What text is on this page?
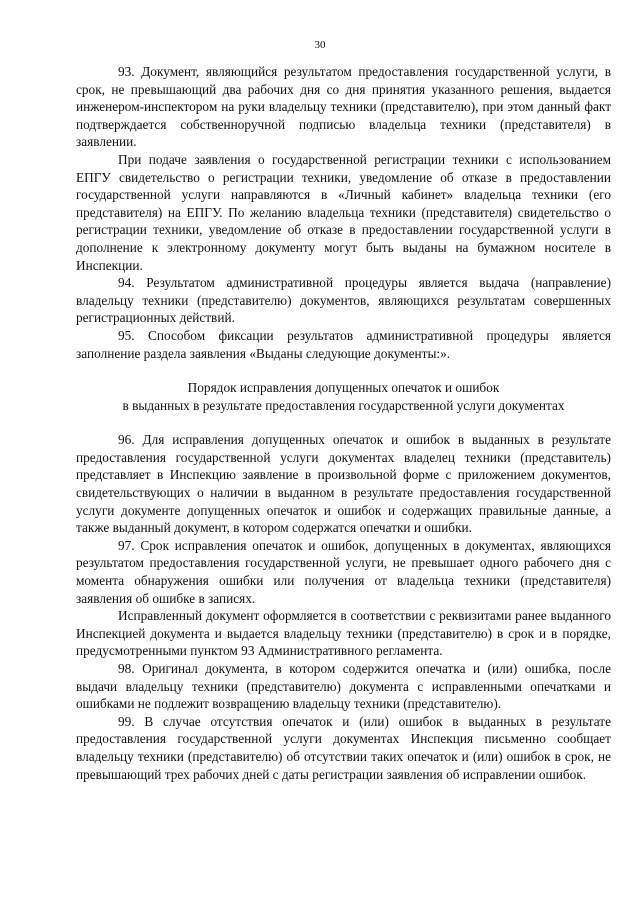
30

93. Документ, являющийся результатом предоставления государственной услуги, в срок, не превышающий два рабочих дня со дня принятия указанного решения, выдается инженером-инспектором на руки владельцу техники (представителю), при этом данный факт подтверждается собственноручной подписью владельца техники (представителя) в заявлении.

При подаче заявления о государственной регистрации техники с использованием ЕПГУ свидетельство о регистрации техники, уведомление об отказе в предоставлении государственной услуги направляются в «Личный кабинет» владельца техники (его представителя) на ЕПГУ. По желанию владельца техники (представителя) свидетельство о регистрации техники, уведомление об отказе в предоставлении государственной услуги в дополнение к электронному документу могут быть выданы на бумажном носителе в Инспекции.

94. Результатом административной процедуры является выдача (направление) владельцу техники (представителю) документов, являющихся результатам совершенных регистрационных действий.

95. Способом фиксации результатов административной процедуры является заполнение раздела заявления «Выданы следующие документы:».

Порядок исправления допущенных опечаток и ошибок

в выданных в результате предоставления государственной услуги документах

96. Для исправления допущенных опечаток и ошибок в выданных в результате предоставления государственной услуги документах владелец техники (представитель) представляет в Инспекцию заявление в произвольной форме с приложением документов, свидетельствующих о наличии в выданном в результате предоставления государственной услуги документе допущенных опечаток и ошибок и содержащих правильные данные, а также выданный документ, в котором содержатся опечатки и ошибки.

97. Срок исправления опечаток и ошибок, допущенных в документах, являющихся результатом предоставления государственной услуги, не превышает одного рабочего дня с момента обнаружения ошибки или получения от владельца техники (представителя) заявления об ошибке в записях.

Исправленный документ оформляется в соответствии с реквизитами ранее выданного Инспекцией документа и выдается владельцу техники (представителю) в срок и в порядке, предусмотренными пунктом 93 Административного регламента.

98. Оригинал документа, в котором содержится опечатка и (или) ошибка, после выдачи владельцу техники (представителю) документа с исправленными опечатками и ошибками не подлежит возвращению владельцу техники (представителю).

99. В случае отсутствия опечаток и (или) ошибок в выданных в результате предоставления государственной услуги документах Инспекция письменно сообщает владельцу техники (представителю) об отсутствии таких опечаток и (или) ошибок в срок, не превышающий трех рабочих дней с даты регистрации заявления об исправлении ошибок.
